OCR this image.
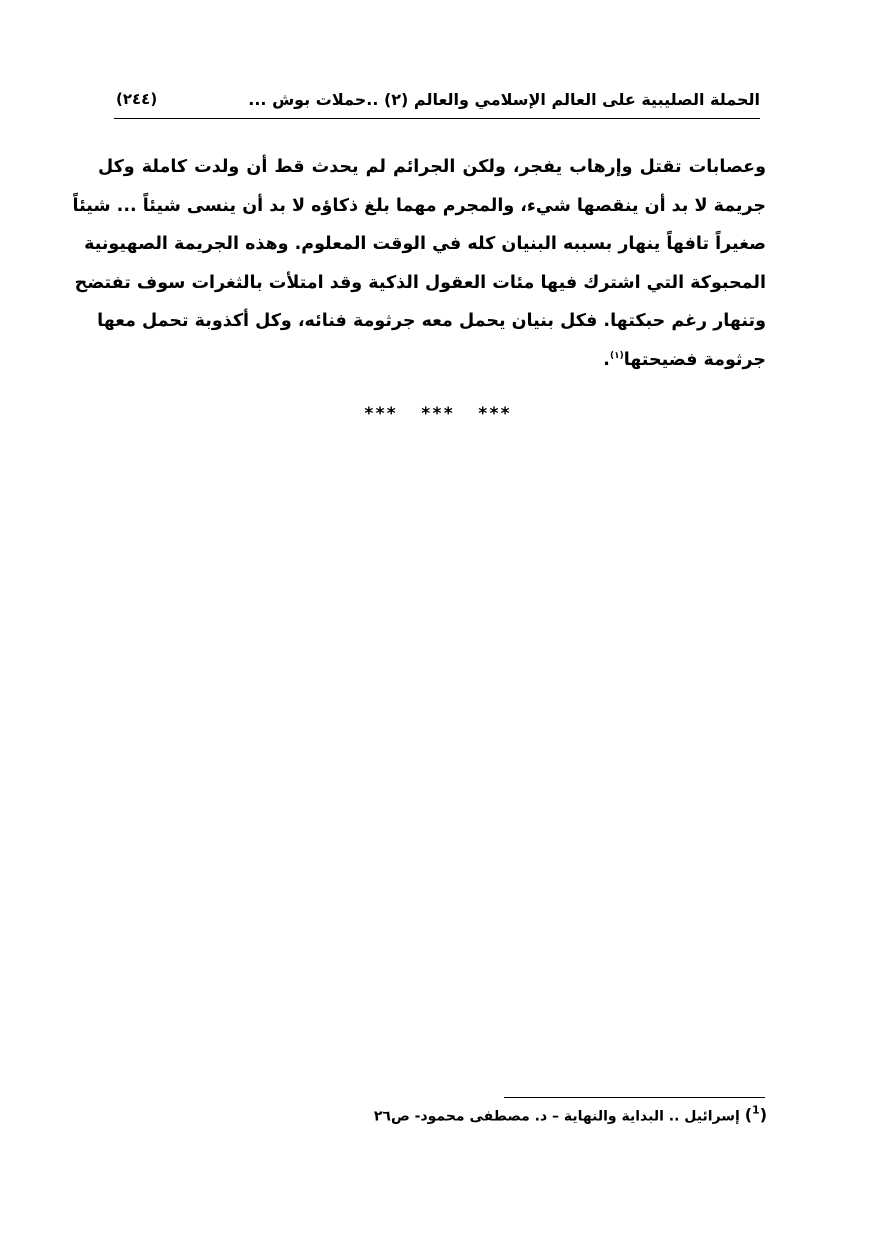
الحملة الصليبية على العالم الإسلامي والعالم (٢) ..حملات بوش ...
(٢٤٤)
وعصابات تقتل وإرهاب يفجر، ولكن الجرائم لم يحدث قط أن ولدت كاملة وكل
جريمة لا بد أن ينقصها شيء، والمجرم مهما بلغ ذكاؤه لا بد أن ينسى شيئاً ... شيئاً
صغيراً تافهاً ينهار بسببه البنيان كله في الوقت المعلوم. وهذه الجريمة الصهيونية
المحبوكة التي اشترك فيها مئات العقول الذكية وقد امتلأت بالثغرات سوف تفتضح
وتنهار رغم حبكتها. فكل بنيان يحمل معه جرثومة فنائه، وكل أكذوبة تحمل معها
جرثومة فضيحتها$^{(١)}$.
*** *** ***
($^1$) إسرائيل .. البداية والنهاية – د. مصطفى محمود- ص٢٦
